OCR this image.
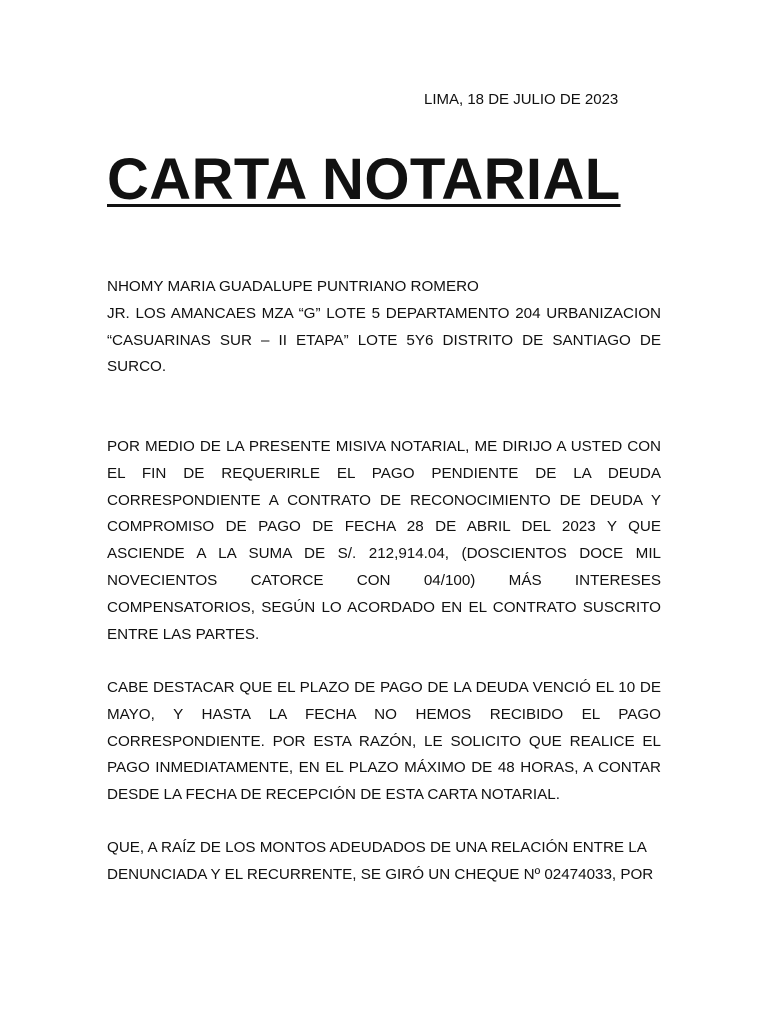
LIMA, 18 DE JULIO DE 2023
CARTA NOTARIAL

NHOMY MARIA GUADALUPE PUNTRIANO ROMERO

JR. LOS AMANCAES MZA “G” LOTE 5 DEPARTAMENTO 204 URBANIZACION “CASUARINAS SUR – II ETAPA” LOTE 5Y6 DISTRITO DE SANTIAGO DE SURCO.

POR MEDIO DE LA PRESENTE MISIVA NOTARIAL, ME DIRIJO A USTED CON EL FIN DE REQUERIRLE EL PAGO PENDIENTE DE LA DEUDA CORRESPONDIENTE A CONTRATO DE RECONOCIMIENTO DE DEUDA Y COMPROMISO DE PAGO DE FECHA 28 DE ABRIL DEL 2023 Y QUE ASCIENDE A LA SUMA DE S/. 212,914.04, (DOSCIENTOS DOCE MIL NOVECIENTOS CATORCE CON 04/100) MÁS INTERESES COMPENSATORIOS, SEGÚN LO ACORDADO EN EL CONTRATO SUSCRITO ENTRE LAS PARTES.

CABE DESTACAR QUE EL PLAZO DE PAGO DE LA DEUDA VENCIÓ EL 10 DE MAYO, Y HASTA LA FECHA NO HEMOS RECIBIDO EL PAGO CORRESPONDIENTE. POR ESTA RAZÓN, LE SOLICITO QUE REALICE EL PAGO INMEDIATAMENTE, EN EL PLAZO MÁXIMO DE 48 HORAS, A CONTAR DESDE LA FECHA DE RECEPCIÓN DE ESTA CARTA NOTARIAL.

QUE, A RAÍZ DE LOS MONTOS ADEUDADOS DE UNA RELACIÓN ENTRE LA

DENUNCIADA Y EL RECURRENTE, SE GIRÓ UN CHEQUE Nº 02474033, POR
